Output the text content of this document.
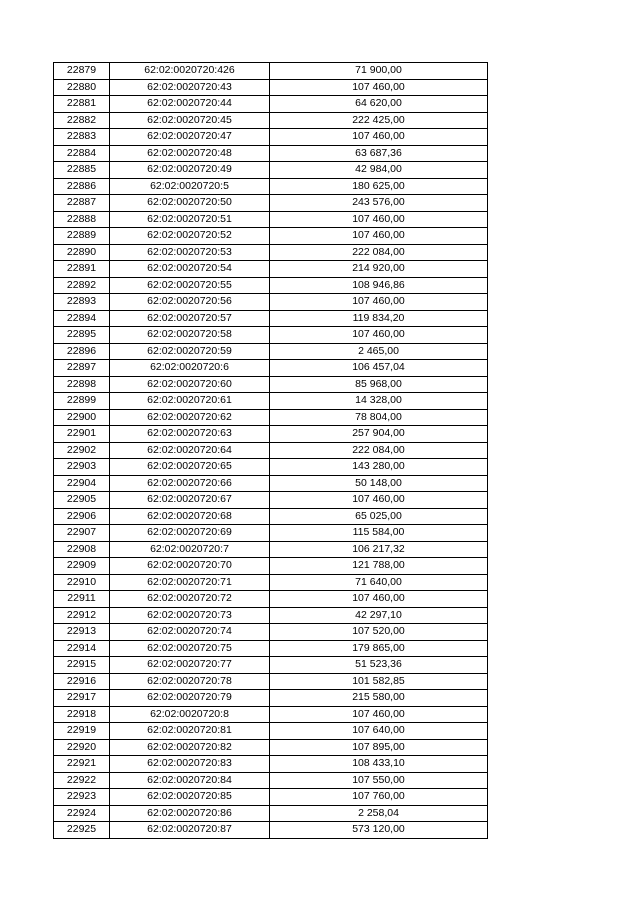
22879	62:02:0020720:426	71 900,00
22880	62:02:0020720:43	107 460,00
22881	62:02:0020720:44	64 620,00
22882	62:02:0020720:45	222 425,00
22883	62:02:0020720:47	107 460,00
22884	62:02:0020720:48	63 687,36
22885	62:02:0020720:49	42 984,00
22886	62:02:0020720:5	180 625,00
22887	62:02:0020720:50	243 576,00
22888	62:02:0020720:51	107 460,00
22889	62:02:0020720:52	107 460,00
22890	62:02:0020720:53	222 084,00
22891	62:02:0020720:54	214 920,00
22892	62:02:0020720:55	108 946,86
22893	62:02:0020720:56	107 460,00
22894	62:02:0020720:57	119 834,20
22895	62:02:0020720:58	107 460,00
22896	62:02:0020720:59	2 465,00
22897	62:02:0020720:6	106 457,04
22898	62:02:0020720:60	85 968,00
22899	62:02:0020720:61	14 328,00
22900	62:02:0020720:62	78 804,00
22901	62:02:0020720:63	257 904,00
22902	62:02:0020720:64	222 084,00
22903	62:02:0020720:65	143 280,00
22904	62:02:0020720:66	50 148,00
22905	62:02:0020720:67	107 460,00
22906	62:02:0020720:68	65 025,00
22907	62:02:0020720:69	115 584,00
22908	62:02:0020720:7	106 217,32
22909	62:02:0020720:70	121 788,00
22910	62:02:0020720:71	71 640,00
22911	62:02:0020720:72	107 460,00
22912	62:02:0020720:73	42 297,10
22913	62:02:0020720:74	107 520,00
22914	62:02:0020720:75	179 865,00
22915	62:02:0020720:77	51 523,36
22916	62:02:0020720:78	101 582,85
22917	62:02:0020720:79	215 580,00
22918	62:02:0020720:8	107 460,00
22919	62:02:0020720:81	107 640,00
22920	62:02:0020720:82	107 895,00
22921	62:02:0020720:83	108 433,10
22922	62:02:0020720:84	107 550,00
22923	62:02:0020720:85	107 760,00
22924	62:02:0020720:86	2 258,04
22925	62:02:0020720:87	573 120,00
